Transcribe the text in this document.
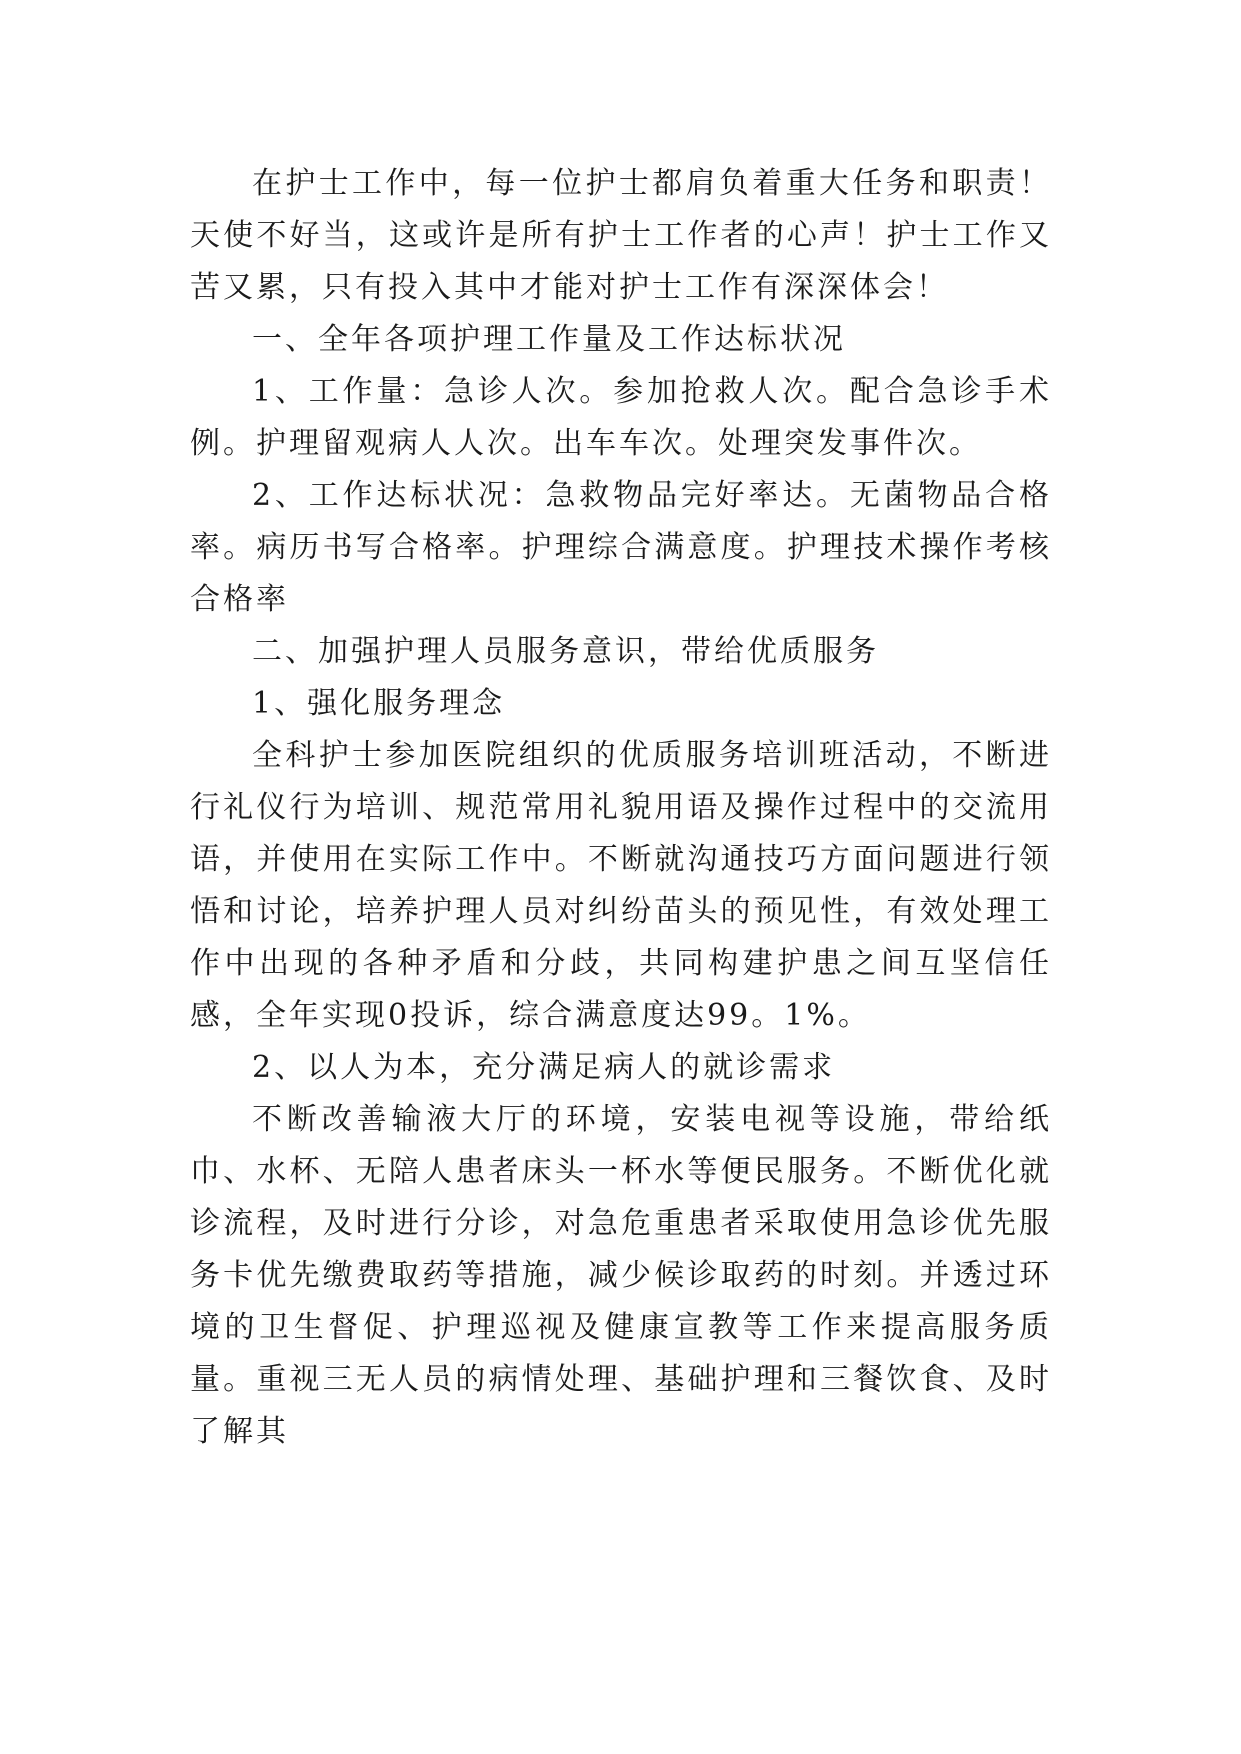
在护士工作中，每一位护士都肩负着重大任务和职责！天使不好当，这或许是所有护士工作者的心声！护士工作又苦又累，只有投入其中才能对护士工作有深深体会！

一、全年各项护理工作量及工作达标状况

1、工作量：急诊人次。参加抢救人次。配合急诊手术例。护理留观病人人次。出车车次。处理突发事件次。

2、工作达标状况：急救物品完好率达。无菌物品合格率。病历书写合格率。护理综合满意度。护理技术操作考核合格率

二、加强护理人员服务意识，带给优质服务

1、强化服务理念

全科护士参加医院组织的优质服务培训班活动，不断进行礼仪行为培训、规范常用礼貌用语及操作过程中的交流用语，并使用在实际工作中。不断就沟通技巧方面问题进行领悟和讨论，培养护理人员对纠纷苗头的预见性，有效处理工作中出现的各种矛盾和分歧，共同构建护患之间互坚信任感，全年实现0投诉，综合满意度达99。1%。

2、以人为本，充分满足病人的就诊需求

不断改善输液大厅的环境，安装电视等设施，带给纸巾、水杯、无陪人患者床头一杯水等便民服务。不断优化就诊流程，及时进行分诊，对急危重患者采取使用急诊优先服务卡优先缴费取药等措施，减少候诊取药的时刻。并透过环境的卫生督促、护理巡视及健康宣教等工作来提高服务质量。重视三无人员的病情处理、基础护理和三餐饮食、及时了解其
